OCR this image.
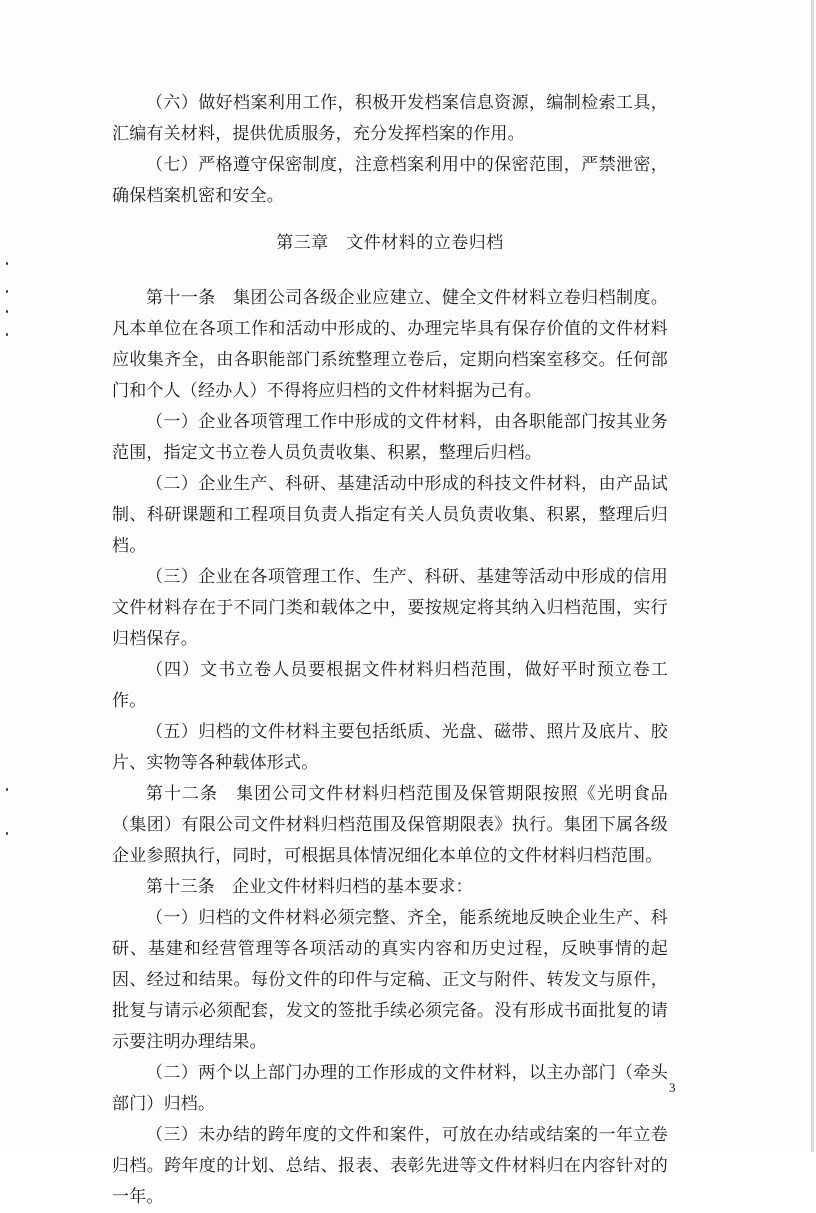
（六）做好档案利用工作，积极开发档案信息资源，编制检索工具，汇编有关材料，提供优质服务，充分发挥档案的作用。

（七）严格遵守保密制度，注意档案利用中的保密范围，严禁泄密，确保档案机密和安全。

第三章　文件材料的立卷归档

第十一条　集团公司各级企业应建立、健全文件材料立卷归档制度。凡本单位在各项工作和活动中形成的、办理完毕具有保存价值的文件材料应收集齐全，由各职能部门系统整理立卷后，定期向档案室移交。任何部门和个人（经办人）不得将应归档的文件材料据为己有。

（一）企业各项管理工作中形成的文件材料，由各职能部门按其业务范围，指定文书立卷人员负责收集、积累，整理后归档。

（二）企业生产、科研、基建活动中形成的科技文件材料，由产品试制、科研课题和工程项目负责人指定有关人员负责收集、积累，整理后归档。

（三）企业在各项管理工作、生产、科研、基建等活动中形成的信用文件材料存在于不同门类和载体之中，要按规定将其纳入归档范围，实行归档保存。

（四）文书立卷人员要根据文件材料归档范围，做好平时预立卷工作。

（五）归档的文件材料主要包括纸质、光盘、磁带、照片及底片、胶片、实物等各种载体形式。

第十二条　集团公司文件材料归档范围及保管期限按照《光明食品（集团）有限公司文件材料归档范围及保管期限表》执行。集团下属各级企业参照执行，同时，可根据具体情况细化本单位的文件材料归档范围。

第十三条　企业文件材料归档的基本要求：

（一）归档的文件材料必须完整、齐全，能系统地反映企业生产、科研、基建和经营管理等各项活动的真实内容和历史过程，反映事情的起因、经过和结果。每份文件的印件与定稿、正文与附件、转发文与原件，批复与请示必须配套，发文的签批手续必须完备。没有形成书面批复的请示要注明办理结果。

（二）两个以上部门办理的工作形成的文件材料，以主办部门（牵头部门）归档。

（三）未办结的跨年度的文件和案件，可放在办结或结案的一年立卷归档。跨年度的计划、总结、报表、表彰先进等文件材料归在内容针对的一年。

3
